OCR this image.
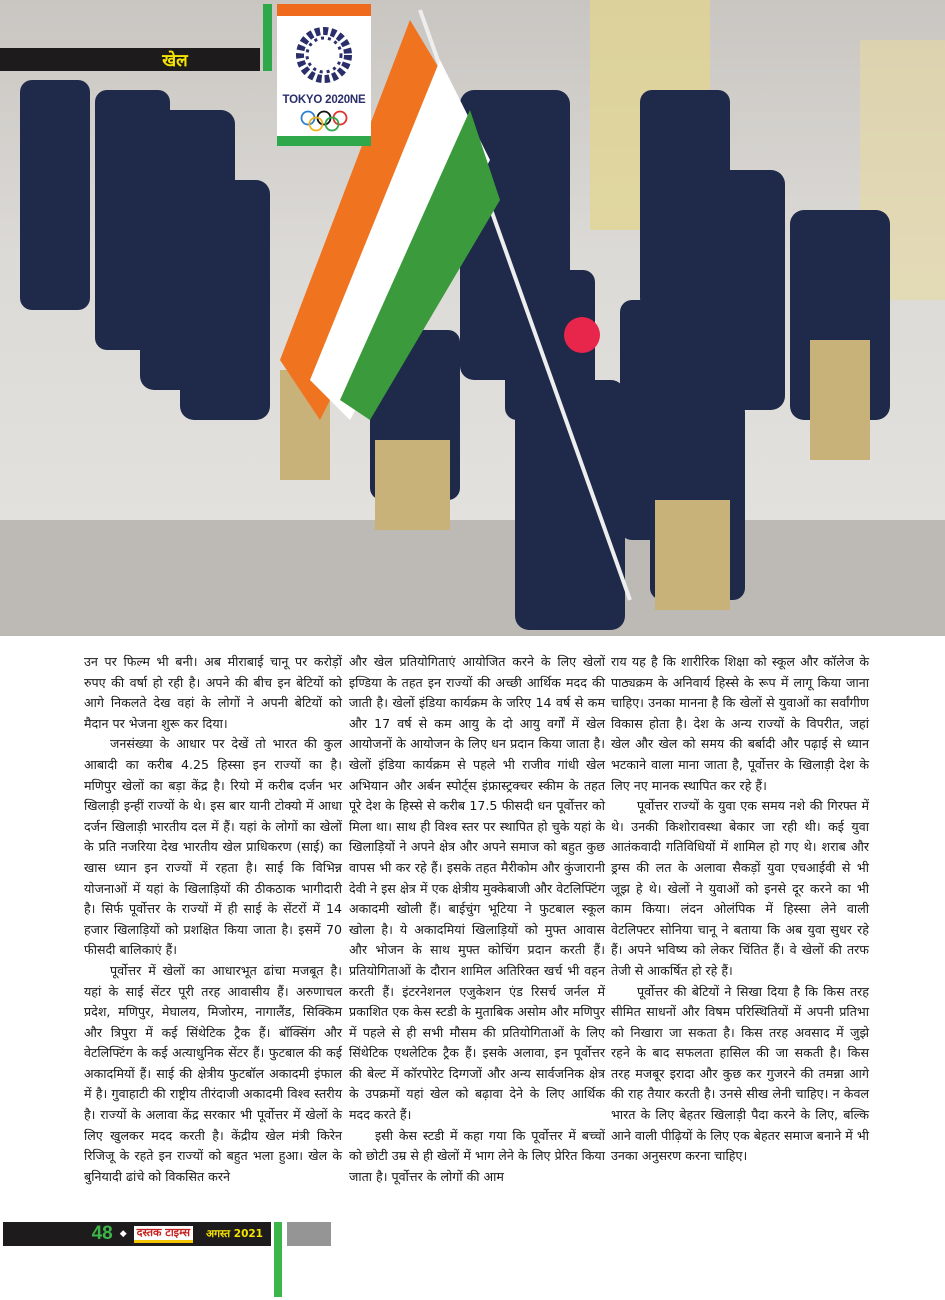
खेल
TOKYO 2020NE

उन पर फिल्म भी बनी। अब मीराबाई चानू पर करोड़ों रुपए की वर्षा हो रही है। अपने की बीच इन बेटियों को आगे निकलते देख वहां के लोगों ने अपनी बेटियों को मैदान पर भेजना शुरू कर दिया।

जनसंख्या के आधार पर देखें तो भारत की कुल आबादी का करीब 4.25 हिस्सा इन राज्यों का है। मणिपुर खेलों का बड़ा केंद्र है। रियो में करीब दर्जन भर खिलाड़ी इन्हीं राज्यों के थे। इस बार यानी टोक्यो में आधा दर्जन खिलाड़ी भारतीय दल में हैं। यहां के लोगों का खेलों के प्रति नजरिया देख भारतीय खेल प्राधिकरण (साई) का खास ध्यान इन राज्यों में रहता है। साई कि विभिन्न योजनाओं में यहां के खिलाड़ियों की ठीकठाक भागीदारी है। सिर्फ पूर्वोत्तर के राज्यों में ही साई के सेंटरों में 14 हजार खिलाड़ियों को प्रशक्षित किया जाता है। इसमें 70 फीसदी बालिकाएं हैं।

पूर्वोत्तर में खेलों का आधारभूत ढांचा मजबूत है। यहां के साई सेंटर पूरी तरह आवासीय हैं। अरुणाचल प्रदेश, मणिपुर, मेघालय, मिजोरम, नागालैंड, सिक्किम और त्रिपुरा में कई सिंथेटिक ट्रैक हैं। बॉक्सिंग और वेटलिफ्टिंग के कई अत्याधुनिक सेंटर हैं। फुटबाल की कई अकादमियों हैं। साई की क्षेत्रीय फुटबॉल अकादमी इंफाल में है। गुवाहाटी की राष्ट्रीय तीरंदाजी अकादमी विश्व स्तरीय है। राज्यों के अलावा केंद्र सरकार भी पूर्वोत्तर में खेलों के लिए खुलकर मदद करती है। केंद्रीय खेल मंत्री किरेन रिजिजू के रहते इन राज्यों को बहुत भला हुआ। खेल के बुनियादी ढांचे को विकसित करने

और खेल प्रतियोगिताएं आयोजित करने के लिए खेलों इण्डिया के तहत इन राज्यों की अच्छी आर्थिक मदद की जाती है। खेलों इंडिया कार्यक्रम के जरिए 14 वर्ष से कम और 17 वर्ष से कम आयु के दो आयु वर्गों में खेल आयोजनों के आयोजन के लिए धन प्रदान किया जाता है। खेलों इंडिया कार्यक्रम से पहले भी राजीव गांधी खेल अभियान और अर्बन स्पोर्ट्स इंफ्रास्ट्रक्चर स्कीम के तहत पूरे देश के हिस्से से करीब 17.5 फीसदी धन पूर्वोत्तर को मिला था। साथ ही विश्व स्तर पर स्थापित हो चुके यहां के खिलाड़ियों ने अपने क्षेत्र और अपने समाज को बहुत कुछ वापस भी कर रहे हैं। इसके तहत मैरीकोम और कुंजारानी देवी ने इस क्षेत्र में एक क्षेत्रीय मुक्केबाजी और वेटलिफ्टिंग अकादमी खोली हैं। बाईचुंग भूटिया ने फुटबाल स्कूल खोला है। ये अकादमियां खिलाड़ियों को मुफ्त आवास और भोजन के साथ मुफ्त कोचिंग प्रदान करती हैं। प्रतियोगिताओं के दौरान शामिल अतिरिक्त खर्च भी वहन करती हैं। इंटरनेशनल एजुकेशन एंड रिसर्च जर्नल में प्रकाशित एक केस स्टडी के मुताबिक असोम और मणिपुर में पहले से ही सभी मौसम की प्रतियोगिताओं के लिए सिंथेटिक एथलेटिक ट्रैक हैं। इसके अलावा, इन पूर्वोत्तर की बेल्ट में कॉरपोरेट दिग्गजों और अन्य सार्वजनिक क्षेत्र के उपक्रमों यहां खेल को बढ़ावा देने के लिए आर्थिक मदद करते हैं।

इसी केस स्टडी में कहा गया कि पूर्वोत्तर में बच्चों को छोटी उम्र से ही खेलों में भाग लेने के लिए प्रेरित किया जाता है। पूर्वोत्तर के लोगों की आम

राय यह है कि शारीरिक शिक्षा को स्कूल और कॉलेज के पाठ्यक्रम के अनिवार्य हिस्से के रूप में लागू किया जाना चाहिए। उनका मानना है कि खेलों से युवाओं का सर्वांगीण विकास होता है। देश के अन्य राज्यों के विपरीत, जहां खेल और खेल को समय की बर्बादी और पढ़ाई से ध्यान भटकाने वाला माना जाता है, पूर्वोत्तर के खिलाड़ी देश के लिए नए मानक स्थापित कर रहे हैं।

पूर्वोत्तर राज्यों के युवा एक समय नशे की गिरफ्त में थे। उनकी किशोरावस्था बेकार जा रही थी। कई युवा आतंकवादी गतिविधियों में शामिल हो गए थे। शराब और ड्रग्स की लत के अलावा सैकड़ों युवा एचआईवी से भी जूझ हे थे। खेलों ने युवाओं को इनसे दूर करने का भी काम किया। लंदन ओलंपिक में हिस्सा लेने वाली वेटलिफ्टर सोनिया चानू ने बताया कि अब युवा सुधर रहे हैं। अपने भविष्य को लेकर चिंतित हैं। वे खेलों की तरफ तेजी से आकर्षित हो रहे हैं।

पूर्वोत्तर की बेटियों ने सिखा दिया है कि किस तरह सीमित साधनों और विषम परिस्थितियों में अपनी प्रतिभा को निखारा जा सकता है। किस तरह अवसाद में जुझे रहने के बाद सफलता हासिल की जा सकती है। किस तरह मजबूर इरादा और कुछ कर गुजरने की तमन्ना आगे की राह तैयार करती है। उनसे सीख लेनी चाहिए। न केवल भारत के लिए बेहतर खिलाड़ी पैदा करने के लिए, बल्कि आने वाली पीढ़ियों के लिए एक बेहतर समाज बनाने में भी उनका अनुसरण करना चाहिए।

48 ◆ दस्तक टाइम्स अगस्त 2021
